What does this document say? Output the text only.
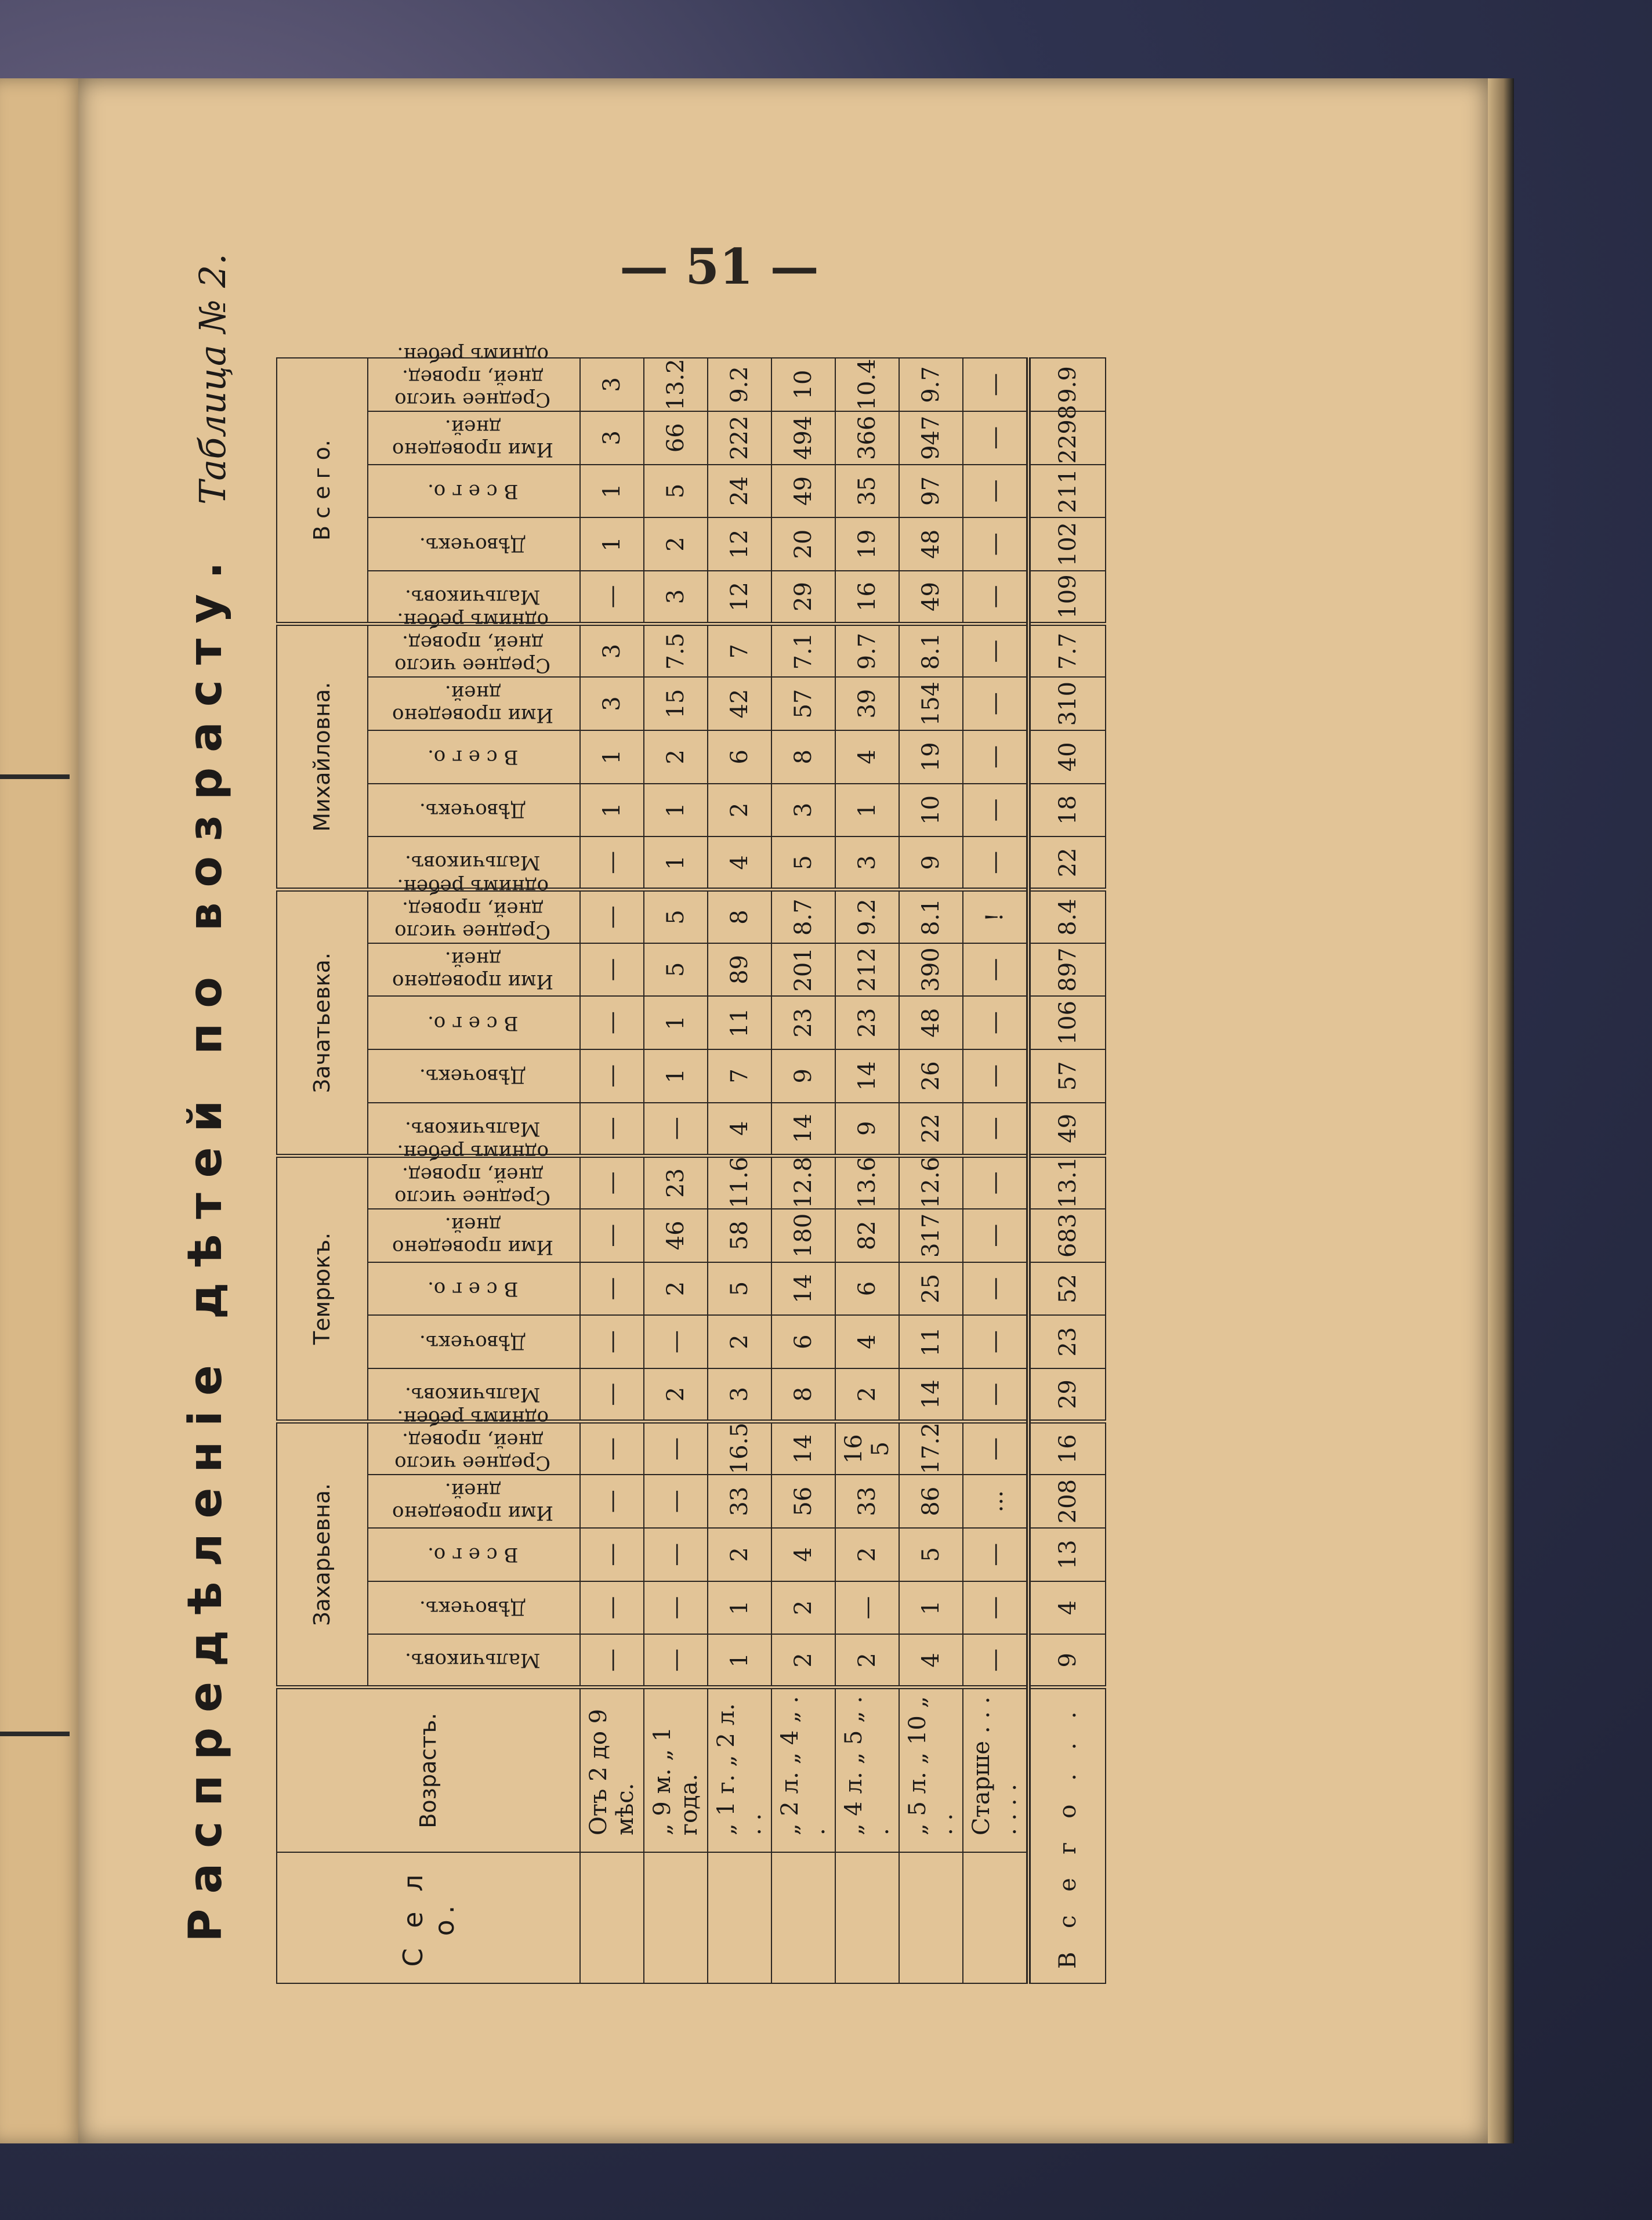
— 51 —
Распредѣленіе дѣтей по возрасту.
Таблица № 2.
С е л о.	Возрастъ.	Захарьевна.					Темрюкъ.					Зачатьевка.					Михайловна.					В с е г о.				
		Мальчиковъ.	Дѣвочекъ.	В с е г о.	Ими проведено дней.	Среднее число дней, провед. однимъ ребен.	Мальчиковъ.	Дѣвочекъ.	В с е г о.	Ими проведено дней.	Среднее число дней, провед. однимъ ребен.	Мальчиковъ.	Дѣвочекъ.	В с е г о.	Ими проведено дней.	Среднее число дней, провед. однимъ ребен.	Мальчиковъ.	Дѣвочекъ.	В с е г о.	Ими проведено дней.	Среднее число дней, провед. однимъ ребен.	Мальчиковъ.	Дѣвочекъ.	В с е г о.	Ими проведено дней.	Среднее число дней, провед. однимъ ребен.
	Отъ 2 до 9 мѣс.	—	—	—	—	—	—	—	—	—	—	—	—	—	—	—	—	1	1	3	3	—	1	1	3	3
	„ 9 м. „ 1 года.	—	—	—	—	—	2	—	2	46	23	—	1	1	5	5	1	1	2	15	7.5	3	2	5	66	13.2
	„ 1 г. „ 2 л. . .	1	1	2	33	16.5	3	2	5	58	11.6	4	7	11	89	8	4	2	6	42	7	12	12	24	222	9.2
	„ 2 л. „ 4 „ . .	2	2	4	56	14	8	6	14	180	12.8	14	9	23	201	8.7	5	3	8	57	7.1	29	20	49	494	10
	„ 4 л. „ 5 „ . .	2	—	2	33	16 5	2	4	6	82	13.6	9	14	23	212	9.2	3	1	4	39	9.7	16	19	35	366	10.4
	„ 5 л. „ 10 „ . .	4	1	5	86	17.2	14	11	25	317	12.6	22	26	48	390	8.1	9	10	19	154	8.1	49	48	97	947	9.7
	Старше . . . . . . .	—	—	—	...	—	—	—	—	—	—	—	—	—	—	!	—	—	—	—	—	—	—	—	—	—
В с е г о . . .		9	4	13	208	16	29	23	52	683	13.1	49	57	106	897	8.4	22	18	40	310	7.7	109	102	211	2298	9.9
